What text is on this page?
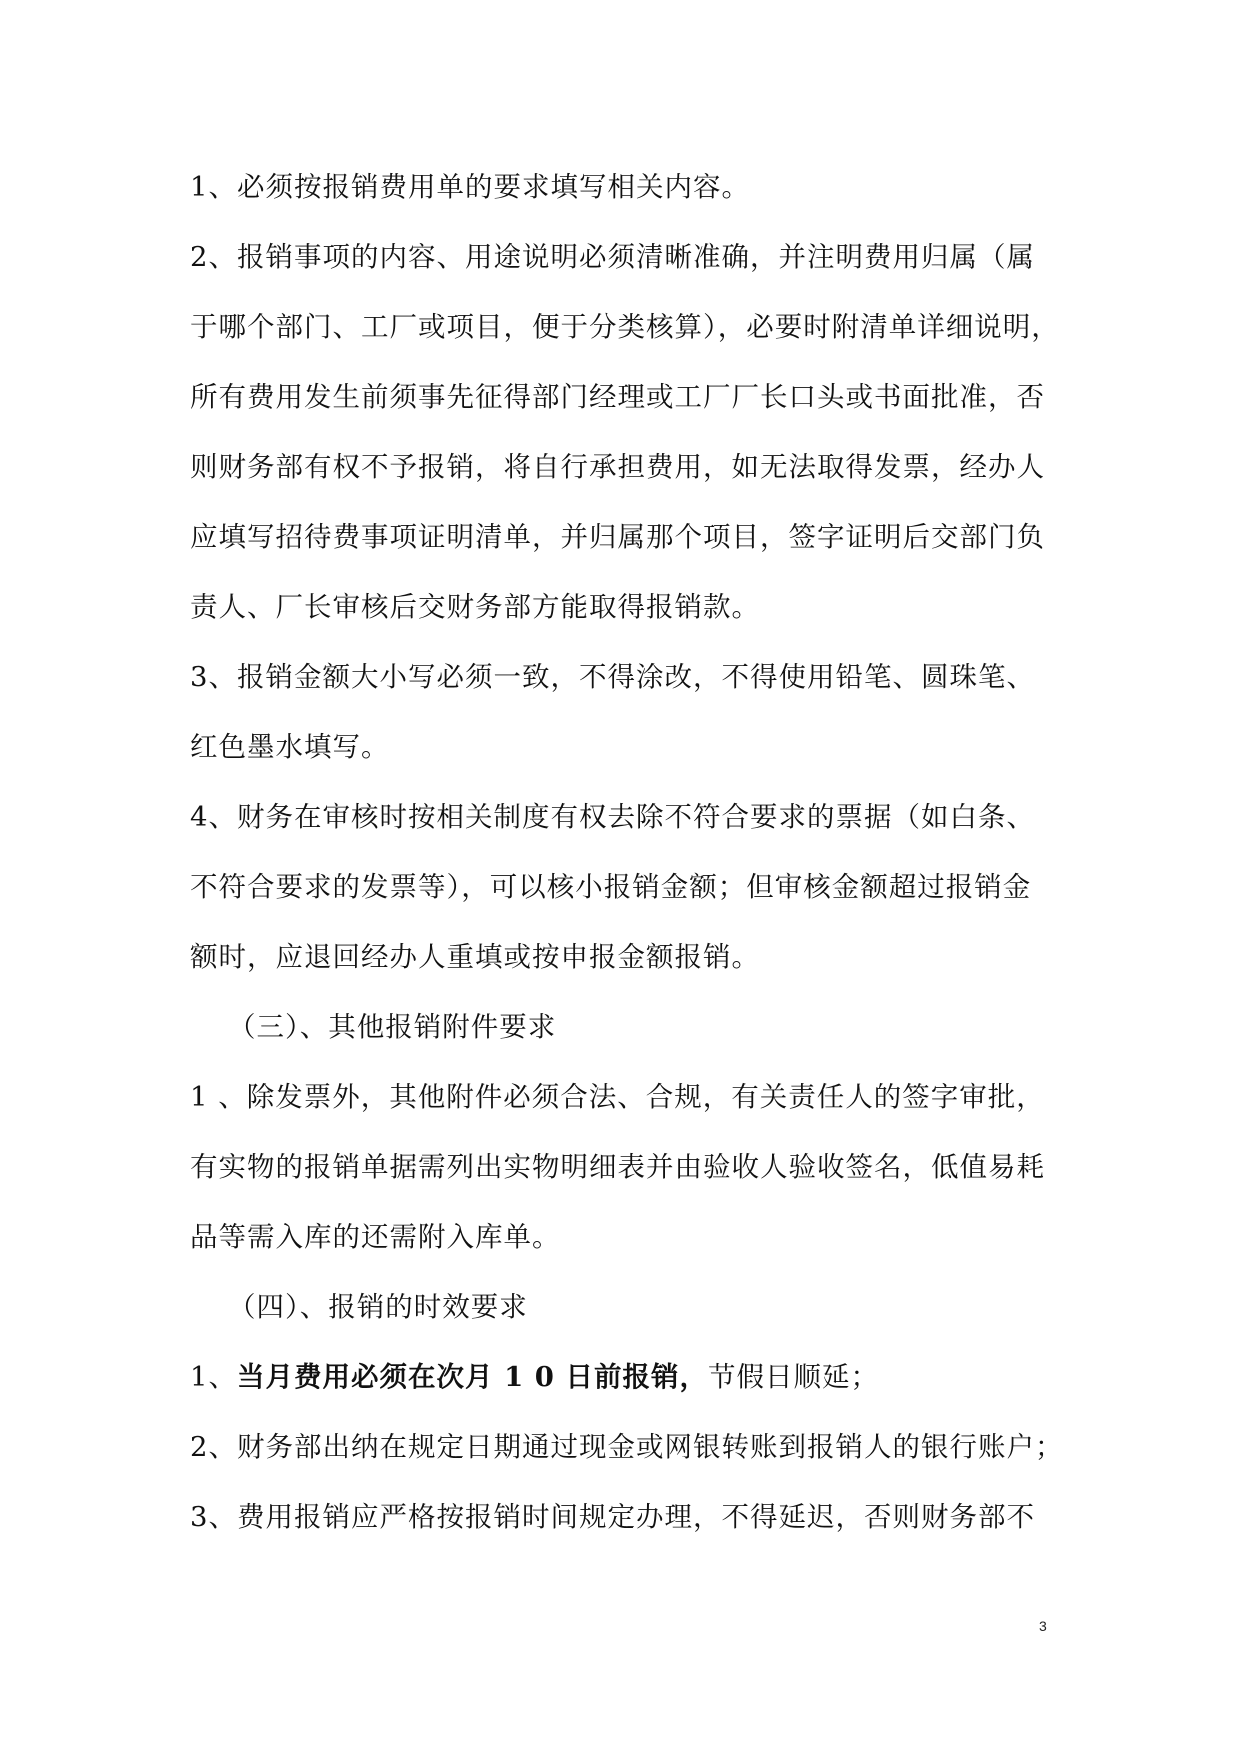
1、必须按报销费用单的要求填写相关内容。

2、报销事项的内容、用途说明必须清晰准确，并注明费用归属（属

于哪个部门、工厂或项目，便于分类核算），必要时附清单详细说明，

所有费用发生前须事先征得部门经理或工厂厂长口头或书面批准，否

则财务部有权不予报销，将自行承担费用，如无法取得发票，经办人

应填写招待费事项证明清单，并归属那个项目，签字证明后交部门负

责人、厂长审核后交财务部方能取得报销款。

3、报销金额大小写必须一致，不得涂改，不得使用铅笔、圆珠笔、

红色墨水填写。

4、财务在审核时按相关制度有权去除不符合要求的票据（如白条、

不符合要求的发票等），可以核小报销金额；但审核金额超过报销金

额时，应退回经办人重填或按申报金额报销。

（三）、其他报销附件要求

1 、除发票外，其他附件必须合法、合规，有关责任人的签字审批，

有实物的报销单据需列出实物明细表并由验收人验收签名，低值易耗

品等需入库的还需附入库单。

（四）、报销的时效要求

1、当月费用必须在次月 1 0 日前报销，节假日顺延；

2、财务部出纳在规定日期通过现金或网银转账到报销人的银行账户；

3、费用报销应严格按报销时间规定办理，不得延迟，否则财务部不

3
